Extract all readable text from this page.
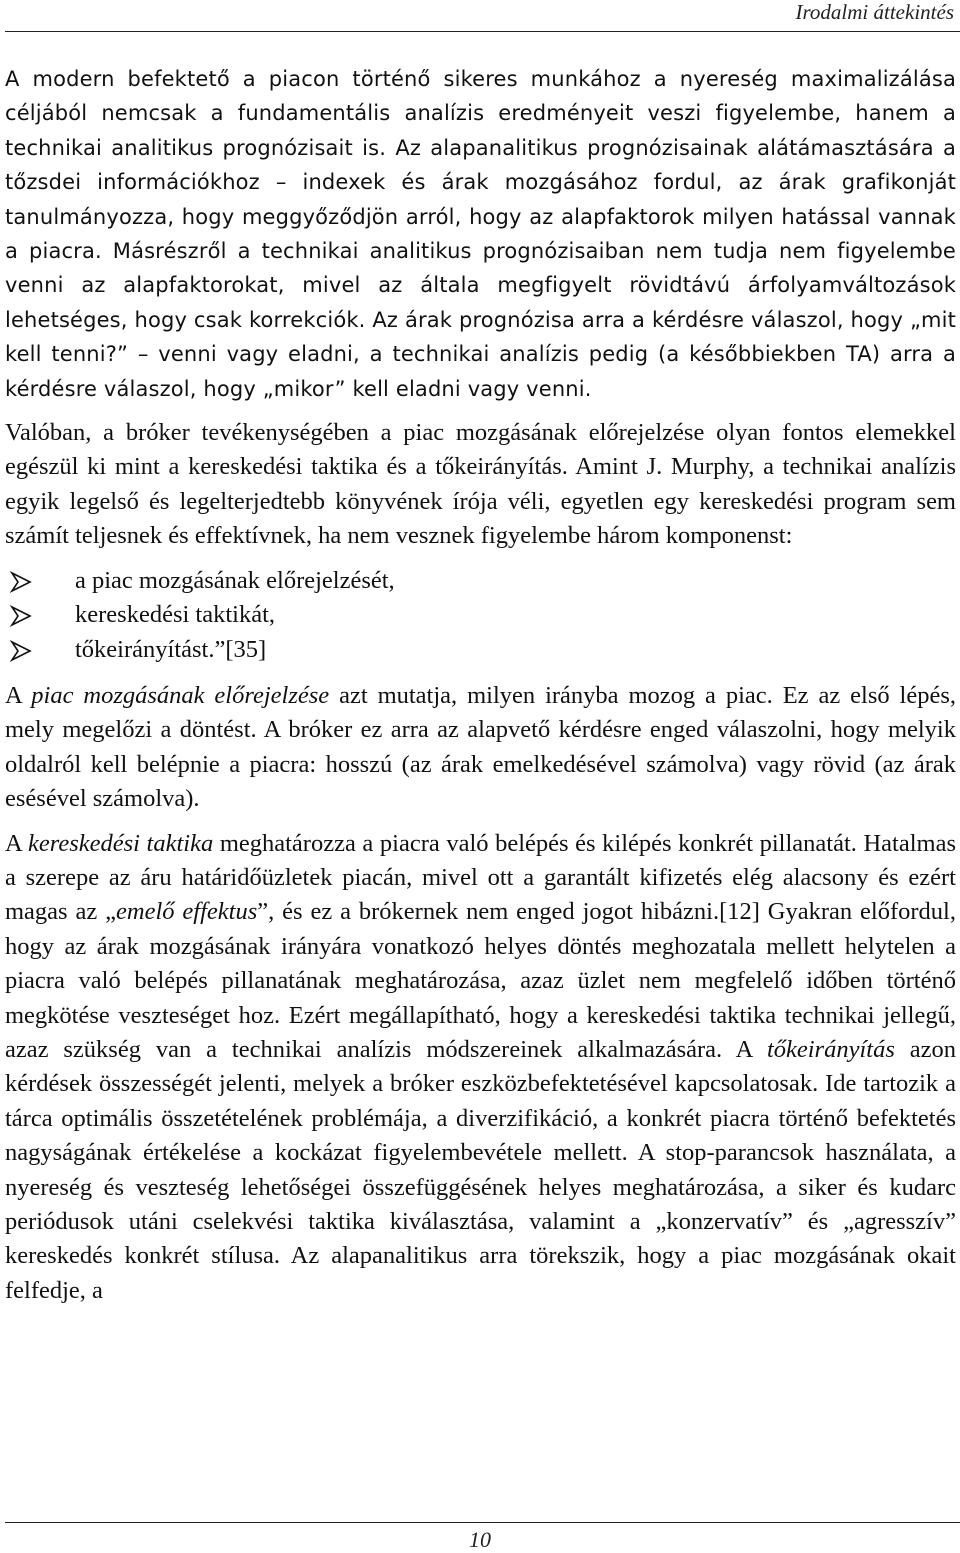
Irodalmi áttekintés

A modern befektető a piacon történő sikeres munkához a nyereség maximalizálása céljából nemcsak a fundamentális analízis eredményeit veszi figyelembe, hanem a technikai analitikus prognózisait is. Az alapanalitikus prognózisainak alátámasztására a tőzsdei információkhoz – indexek és árak mozgásához fordul, az árak grafikonját tanulmányozza, hogy meggyőződjön arról, hogy az alapfaktorok milyen hatással vannak a piacra. Másrészről a technikai analitikus prognózisaiban nem tudja nem figyelembe venni az alapfaktorokat, mivel az általa megfigyelt rövidtávú árfolyamváltozások lehetséges, hogy csak korrekciók. Az árak prognózisa arra a kérdésre válaszol, hogy „mit kell tenni?” – venni vagy eladni, a technikai analízis pedig (a későbbiekben TA) arra a kérdésre válaszol, hogy „mikor” kell eladni vagy venni.

Valóban, a bróker tevékenységében a piac mozgásának előrejelzése olyan fontos elemekkel egészül ki mint a kereskedési taktika és a tőkeirányítás. Amint J. Murphy, a technikai analízis egyik legelső és legelterjedtebb könyvének írója véli, egyetlen egy kereskedési program sem számít teljesnek és effektívnek, ha nem vesznek figyelembe három komponenst:

a piac mozgásának előrejelzését,
kereskedési taktikát,
tőkeirányítást.”[35]

A piac mozgásának előrejelzése azt mutatja, milyen irányba mozog a piac. Ez az első lépés, mely megelőzi a döntést. A bróker ez arra az alapvető kérdésre enged válaszolni, hogy melyik oldalról kell belépnie a piacra: hosszú (az árak emelkedésével számolva) vagy rövid (az árak esésével számolva).

A kereskedési taktika meghatározza a piacra való belépés és kilépés konkrét pillanatát. Hatalmas a szerepe az áru határidőüzletek piacán, mivel ott a garantált kifizetés elég alacsony és ezért magas az „emelő effektus”, és ez a brókernek nem enged jogot hibázni.[12] Gyakran előfordul, hogy az árak mozgásának irányára vonatkozó helyes döntés meghozatala mellett helytelen a piacra való belépés pillanatának meghatározása, azaz üzlet nem megfelelő időben történő megkötése veszteséget hoz. Ezért megállapítható, hogy a kereskedési taktika technikai jellegű, azaz szükség van a technikai analízis módszereinek alkalmazására. A tőkeirányítás azon kérdések összességét jelenti, melyek a bróker eszközbefektetésével kapcsolatosak. Ide tartozik a tárca optimális összetételének problémája, a diverzifikáció, a konkrét piacra történő befektetés nagyságának értékelése a kockázat figyelembevétele mellett. A stop-parancsok használata, a nyereség és veszteség lehetőségei összefüggésének helyes meghatározása, a siker és kudarc periódusok utáni cselekvési taktika kiválasztása, valamint a „konzervatív” és „agresszív” kereskedés konkrét stílusa. Az alapanalitikus arra törekszik, hogy a piac mozgásának okait felfedje, a

10
